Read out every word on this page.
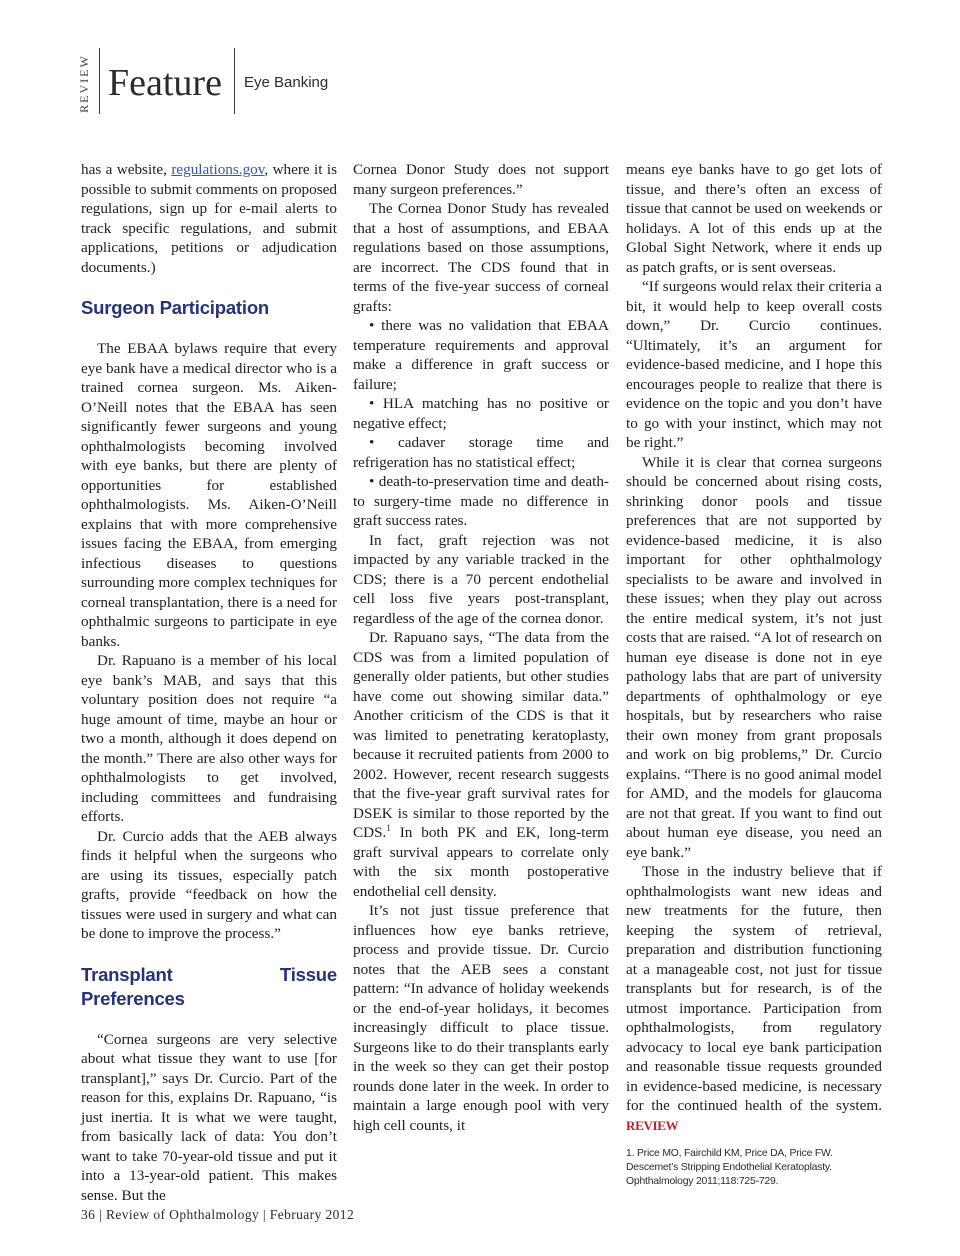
REVIEW Feature Eye Banking

has a website, regulations.gov, where it is possible to submit comments on proposed regulations, sign up for e-mail alerts to track specific regulations, and submit applications, petitions or adjudication documents.)

Surgeon Participation

The EBAA bylaws require that every eye bank have a medical director who is a trained cornea surgeon. Ms. Aiken-O’Neill notes that the EBAA has seen significantly fewer surgeons and young ophthalmologists becoming involved with eye banks, but there are plenty of opportunities for established ophthalmologists. Ms. Aiken-O’Neill explains that with more comprehensive issues facing the EBAA, from emerging infectious diseases to questions surrounding more complex techniques for corneal transplantation, there is a need for ophthalmic surgeons to participate in eye banks.

Dr. Rapuano is a member of his local eye bank’s MAB, and says that this voluntary position does not require “a huge amount of time, maybe an hour or two a month, although it does depend on the month.” There are also other ways for ophthalmologists to get involved, including committees and fundraising efforts.

Dr. Curcio adds that the AEB always finds it helpful when the surgeons who are using its tissues, especially patch grafts, provide “feedback on how the tissues were used in surgery and what can be done to improve the process.”

Transplant Tissue Preferences

“Cornea surgeons are very selective about what tissue they want to use [for transplant],” says Dr. Curcio. Part of the reason for this, explains Dr. Rapuano, “is just inertia. It is what we were taught, from basically lack of data: You don’t want to take 70-year-old tissue and put it into a 13-year-old patient. This makes sense. But the

Cornea Donor Study does not support many surgeon preferences.”

The Cornea Donor Study has revealed that a host of assumptions, and EBAA regulations based on those assumptions, are incorrect. The CDS found that in terms of the five-year success of corneal grafts:

• there was no validation that EBAA temperature requirements and approval make a difference in graft success or failure;

• HLA matching has no positive or negative effect;

• cadaver storage time and refrigeration has no statistical effect;

• death-to-preservation time and death-to surgery-time made no difference in graft success rates.

In fact, graft rejection was not impacted by any variable tracked in the CDS; there is a 70 percent endothelial cell loss five years post-transplant, regardless of the age of the cornea donor.

Dr. Rapuano says, “The data from the CDS was from a limited population of generally older patients, but other studies have come out showing similar data.” Another criticism of the CDS is that it was limited to penetrating keratoplasty, because it recruited patients from 2000 to 2002. However, recent research suggests that the five-year graft survival rates for DSEK is similar to those reported by the CDS.$^1$ In both PK and EK, long-term graft survival appears to correlate only with the six month postoperative endothelial cell density.

It’s not just tissue preference that influences how eye banks retrieve, process and provide tissue. Dr. Curcio notes that the AEB sees a constant pattern: “In advance of holiday weekends or the end-of-year holidays, it becomes increasingly difficult to place tissue. Surgeons like to do their transplants early in the week so they can get their postop rounds done later in the week. In order to maintain a large enough pool with very high cell counts, it

means eye banks have to go get lots of tissue, and there’s often an excess of tissue that cannot be used on weekends or holidays. A lot of this ends up at the Global Sight Network, where it ends up as patch grafts, or is sent overseas.

“If surgeons would relax their criteria a bit, it would help to keep overall costs down,” Dr. Curcio continues. “Ultimately, it’s an argument for evidence-based medicine, and I hope this encourages people to realize that there is evidence on the topic and you don’t have to go with your instinct, which may not be right.”

While it is clear that cornea surgeons should be concerned about rising costs, shrinking donor pools and tissue preferences that are not supported by evidence-based medicine, it is also important for other ophthalmology specialists to be aware and involved in these issues; when they play out across the entire medical system, it’s not just costs that are raised. “A lot of research on human eye disease is done not in eye pathology labs that are part of university departments of ophthalmology or eye hospitals, but by researchers who raise their own money from grant proposals and work on big problems,” Dr. Curcio explains. “There is no good animal model for AMD, and the models for glaucoma are not that great. If you want to find out about human eye disease, you need an eye bank.”

Those in the industry believe that if ophthalmologists want new ideas and new treatments for the future, then keeping the system of retrieval, preparation and distribution functioning at a manageable cost, not just for tissue transplants but for research, is of the utmost importance. Participation from ophthalmologists, from regulatory advocacy to local eye bank participation and reasonable tissue requests grounded in evidence-based medicine, is necessary for the continued health of the system. REVIEW

1. Price MO, Fairchild KM, Price DA, Price FW. Descemet’s Stripping Endothelial Keratoplasty. Ophthalmology 2011;118:725-729.
36 | Review of Ophthalmology | February 2012
